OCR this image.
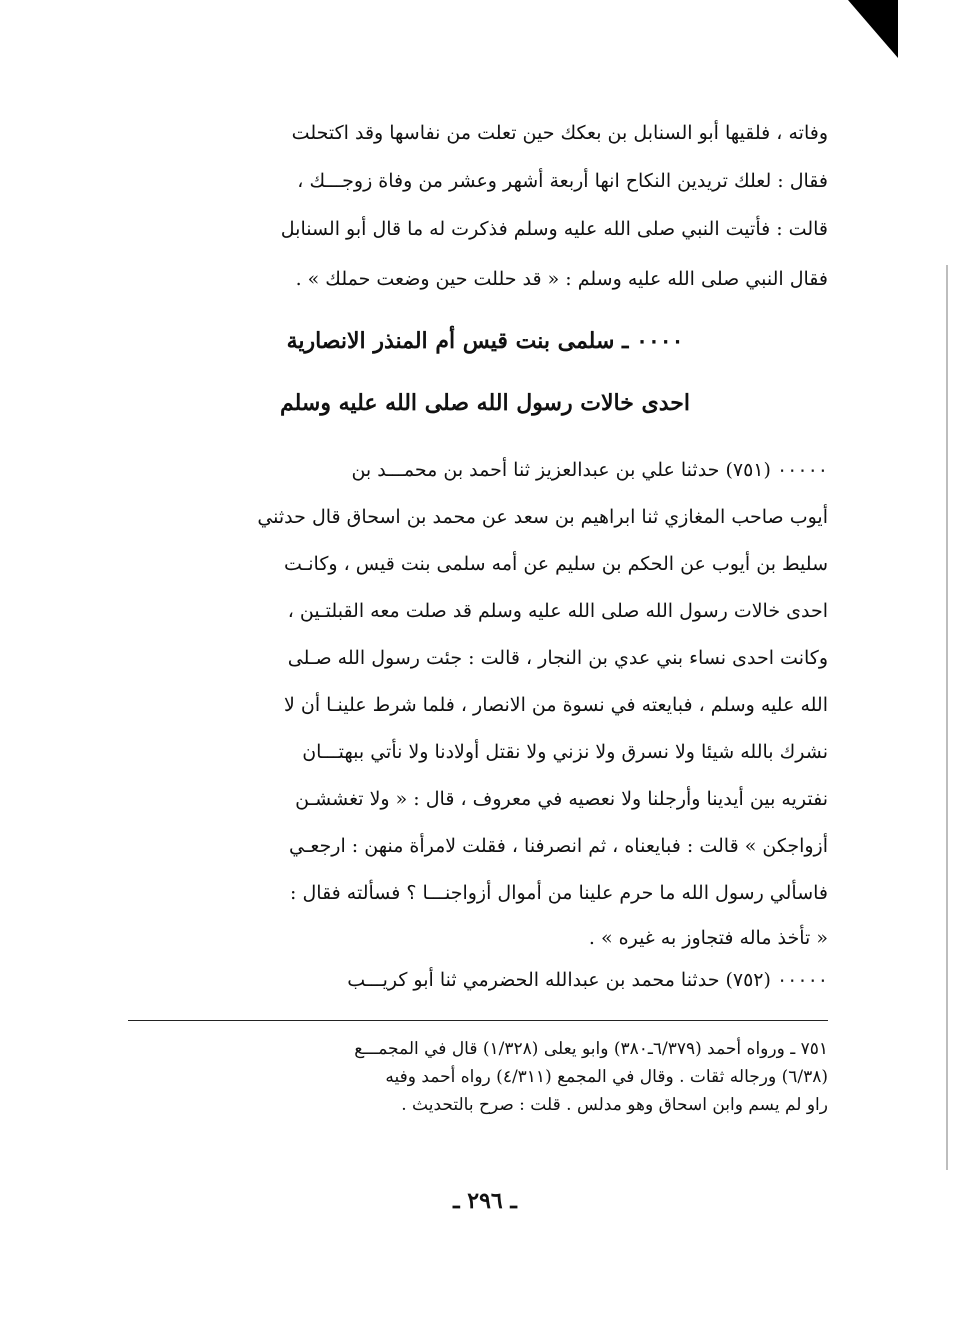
وفاته ، فلقيها أبو السنابل بن بعكك حين تعلت من نفاسها وقد اكتحلت
فقال : لعلك تريدين النكاح انها أربعة أشهر وعشر من وفاة زوجـــك ،
قالت : فأتيت النبي صلى الله عليه وسلم فذكرت له ما قال أبو السنابل
فقال النبي صلى الله عليه وسلم : « قد حللت حين وضعت حملك » .
٠٠٠٠ ـ سلمى بنت قيس أم المنذر الانصارية
احدى خالات رسول الله صلى الله عليه وسلم
٠٠٠٠٠ (٧٥١) حدثنا علي بن عبدالعزيز ثنا أحمد بن محمـــد بن
أيوب صاحب المغازي ثنا ابراهيم بن سعد عن محمد بن اسحاق قال حدثني
سليط بن أيوب عن الحكم بن سليم عن أمه سلمى بنت قيس ، وكانـت
احدى خالات رسول الله صلى الله عليه وسلم قد صلت معه القبلتـين ،
وكانت احدى نساء بني عدي بن النجار ، قالت : جئت رسول الله صـلى
الله عليه وسلم ، فبايعته في نسوة من الانصار ، فلما شرط علينـا أن لا
نشرك بالله شيئا ولا نسرق ولا نزني ولا نقتل أولادنا ولا نأتي ببهتـــان
نفتريه بين أيدينا وأرجلنا ولا نعصيه في معروف ، قال : « ولا تغششـن
أزواجكن » قالت : فبايعناه ، ثم انصرفنا ، فقلت لامرأة منهن : ارجعـي
فاسألي رسول الله ما حرم علينا من أموال أزواجنـــا ؟ فسألته فقال :
« تأخذ ماله فتجاوز به غيره » .
٠٠٠٠٠ (٧٥٢) حدثنا محمد بن عبدالله الحضرمي ثنا أبو كريـــب
٧٥١ ـ ورواه أحمد (٦/٣٧٩ـ٣٨٠) وابو يعلى (١/٣٢٨) قال في المجمـــع
(٦/٣٨) ورجاله ثقات . وقال في المجمع (٤/٣١١) رواه أحمد وفيه
راو لم يسم وابن اسحاق وهو مدلس . قلت : صرح بالتحديث .
ـ ٢٩٦ ـ
